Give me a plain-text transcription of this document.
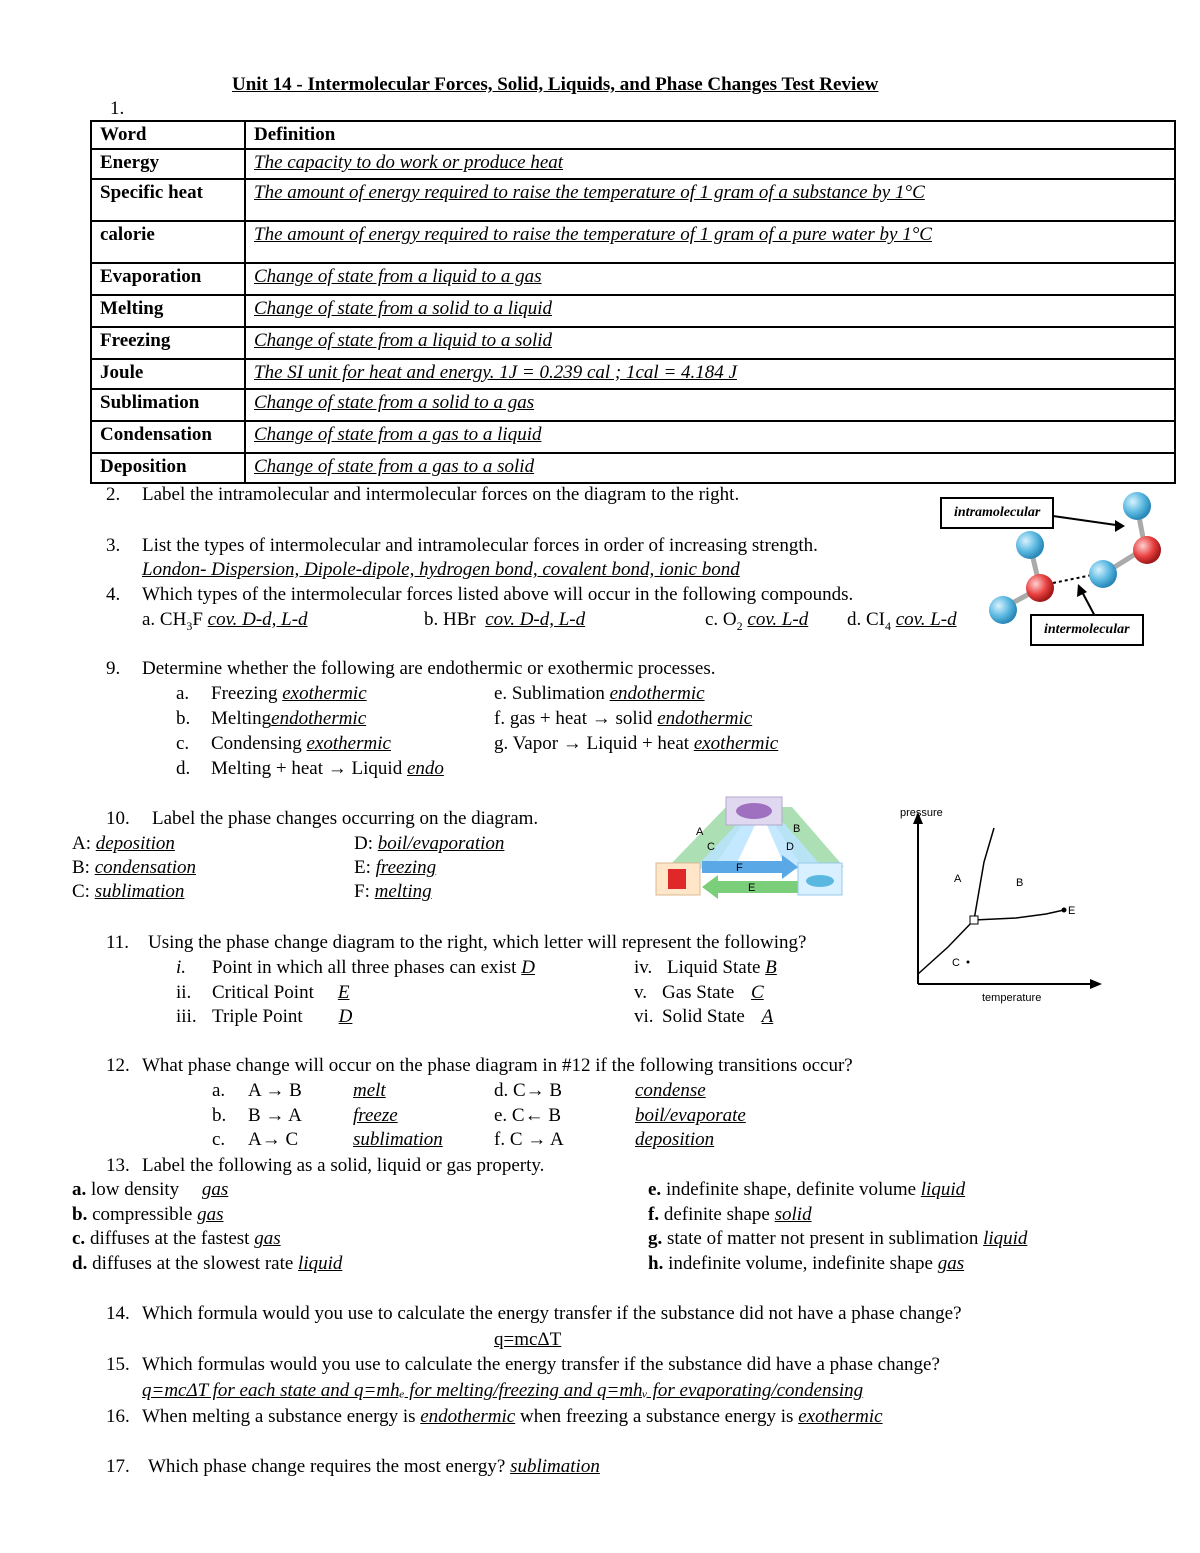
Unit 14 - Intermolecular Forces, Solid, Liquids, and Phase Changes Test Review
1.
Word	Definition
Energy	The capacity to do work or produce heat
Specific heat	The amount of energy required to raise the temperature of 1 gram of a substance by 1°C
calorie	The amount of energy required to raise the temperature of 1 gram of a pure water by 1°C
Evaporation	Change of state from a liquid to a gas
Melting	Change of state from a solid to a liquid
Freezing	Change of state from a liquid to a solid
Joule	The SI unit for heat and energy. 1J = 0.239 cal ; 1cal = 4.184 J
Sublimation	Change of state from a solid to a gas
Condensation	Change of state from a gas to a liquid
Deposition	Change of state from a gas to a solid
2. Label the intramolecular and intermolecular forces on the diagram to the right.
intramolecular
intermolecular
3. List the types of intermolecular and intramolecular forces in order of increasing strength.
London- Dispersion, Dipole-dipole, hydrogen bond, covalent bond, ionic bond
4. Which types of the intermolecular forces listed above will occur in the following compounds.
a. $CH_3F$ cov. D-d, L-d	b. HBr cov. D-d, L-d	c. $O_2$ cov. L-d d. $CI_4$ cov. L-d
9. Determine whether the following are endothermic or exothermic processes.
a. Freezing exothermic
b. Meltingendothermic
c. Condensing exothermic
d. Melting + heat → Liquid endo
e. Sublimation endothermic
f. gas + heat → solid endothermic
g. Vapor → Liquid + heat exothermic
10. Label the phase changes occurring on the diagram.
A: deposition
B: condensation
C: sublimation
D: boil/evaporation
E: freezing
F: melting
A	B
C	D
E
F
pressure
temperature
A	B
C
E
11. Using the phase change diagram to the right, which letter will represent the following?
i. Point in which all three phases can exist D
ii. Critical Point E
iii. Triple Point D
iv. Liquid State B
v. Gas State C
vi. Solid State A
12. What phase change will occur on the phase diagram in #12 if the following transitions occur?
a. A → B	melt
b. B → A	freeze
c. A→ C	sublimation
d. C→ B	condense
e. C← B	boil/evaporate
f. C → A	deposition
13. Label the following as a solid, liquid or gas property.
a. low density gas
b. compressible gas
c. diffuses at the fastest gas
d. diffuses at the slowest rate liquid
e. indefinite shape, definite volume liquid
f. definite shape solid
g. state of matter not present in sublimation liquid
h. indefinite volume, indefinite shape gas
14. Which formula would you use to calculate the energy transfer if the substance did not have a phase change?
q=mcΔT
15. Which formulas would you use to calculate the energy transfer if the substance did have a phase change?
q=mcΔT for each state and q=mhₑ for melting/freezing and q=mhᵥ for evaporating/condensing
16. When melting a substance energy is endothermic when freezing a substance energy is exothermic
17. Which phase change requires the most energy? sublimation
